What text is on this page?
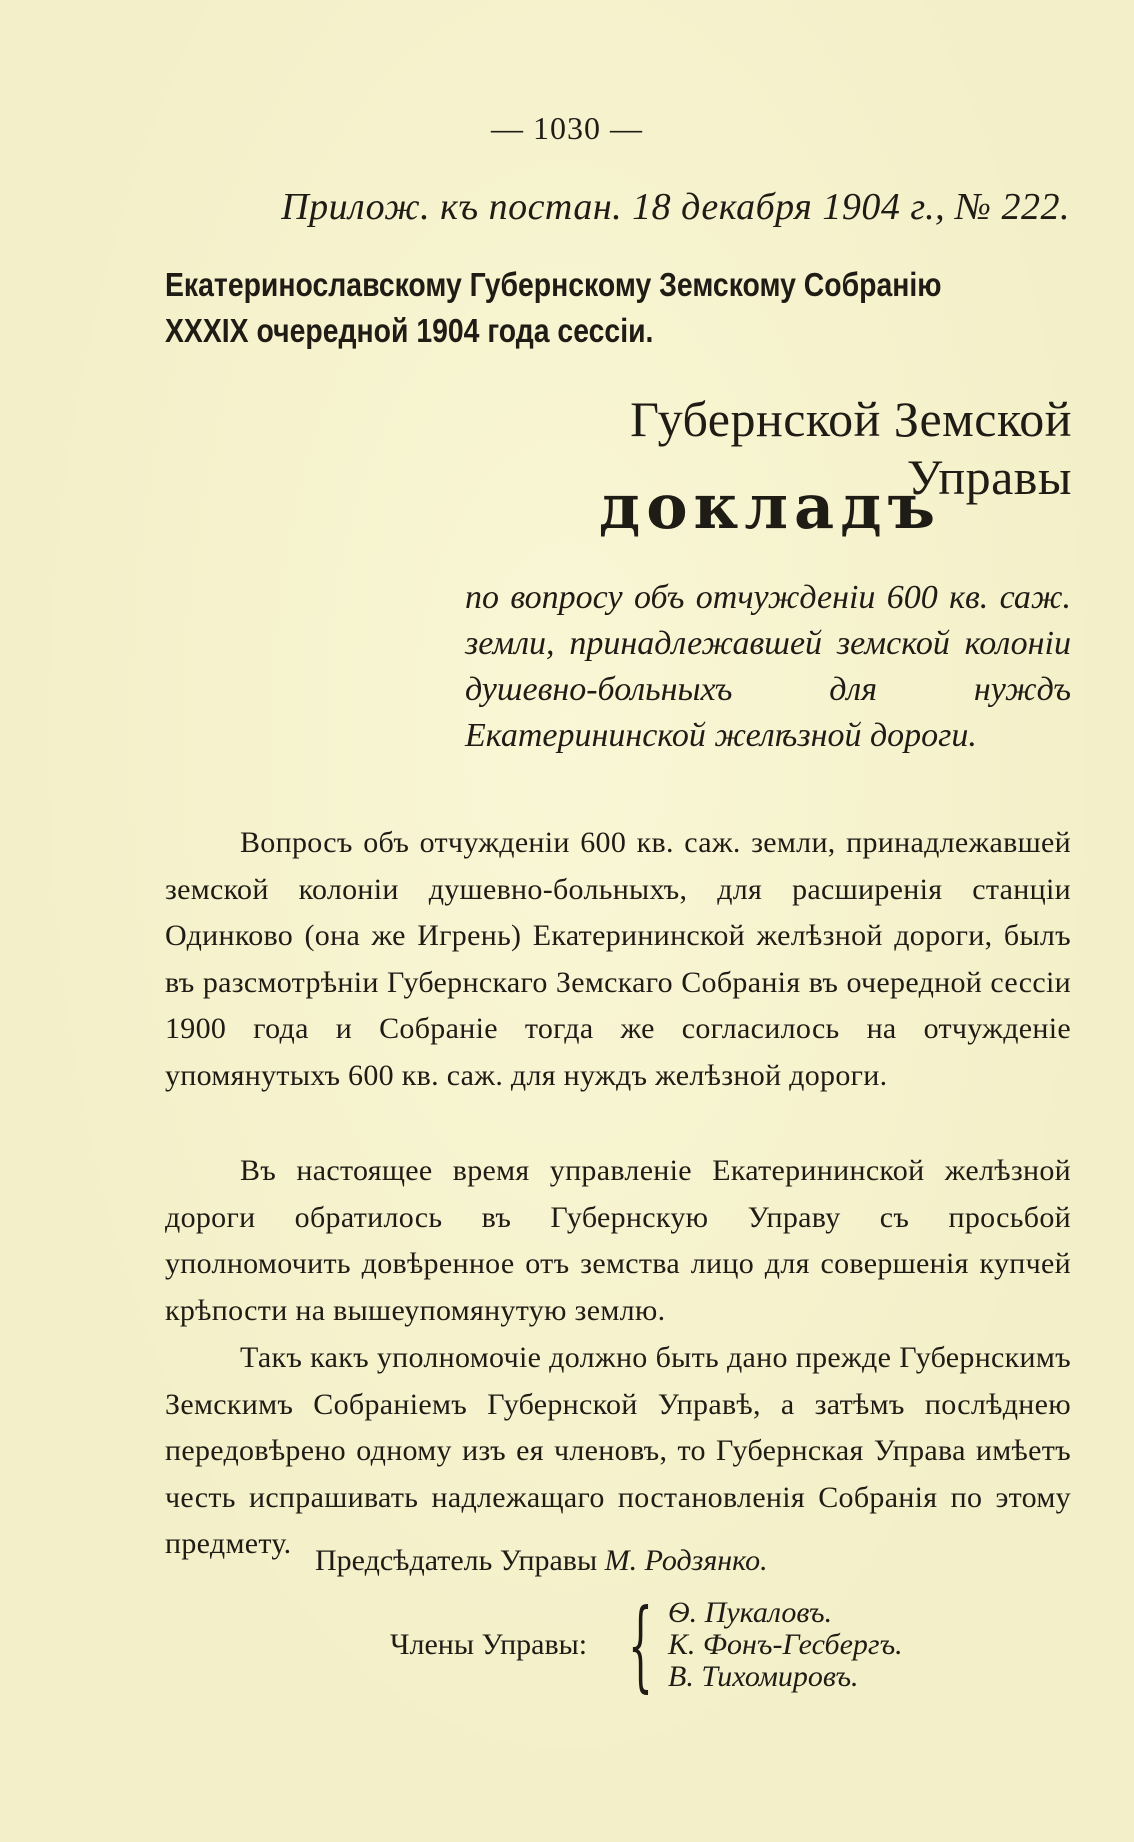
— 1030 —
Прилож. къ постан. 18 декабря 1904 г., № 222.
Екатеринославскому Губернскому Земскому Собранію
XXXIX очередной 1904 года сессіи.
Губернской Земской Управы
докладъ
по вопросу объ отчужденіи 600 кв. саж. земли, принадлежавшей земской колоніи душевно-больныхъ для нуждъ Екатерининской желѣзной дороги.

Вопросъ объ отчужденіи 600 кв. саж. земли, принадлежавшей земской колоніи душевно-больныхъ, для расширенія станціи Одинково (она же Игрень) Екатерининской желѣзной дороги, былъ въ разсмотрѣніи Губернскаго Земскаго Собранія въ очередной сессіи 1900 года и Собраніе тогда же согласилось на отчужденіе упомянутыхъ 600 кв. саж. для нуждъ желѣзной дороги.

Въ настоящее время управленіе Екатерининской желѣзной дороги обратилось въ Губернскую Управу съ просьбой уполномочить довѣренное отъ земства лицо для совершенія купчей крѣпости на вышеупомянутую землю.

Такъ какъ уполномочіе должно быть дано прежде Губернскимъ Земскимъ Собраніемъ Губернской Управѣ, а затѣмъ послѣднею передовѣрено одному изъ ея членовъ, то Губернская Управа имѣетъ честь испрашивать надлежащаго постановленія Собранія по этому предмету.

Предсѣдатель Управы М. Родзянко.
Члены Управы: { Ѳ. Пукаловъ.
К. Фонъ-Гесбергъ.
В. Тихомировъ.
